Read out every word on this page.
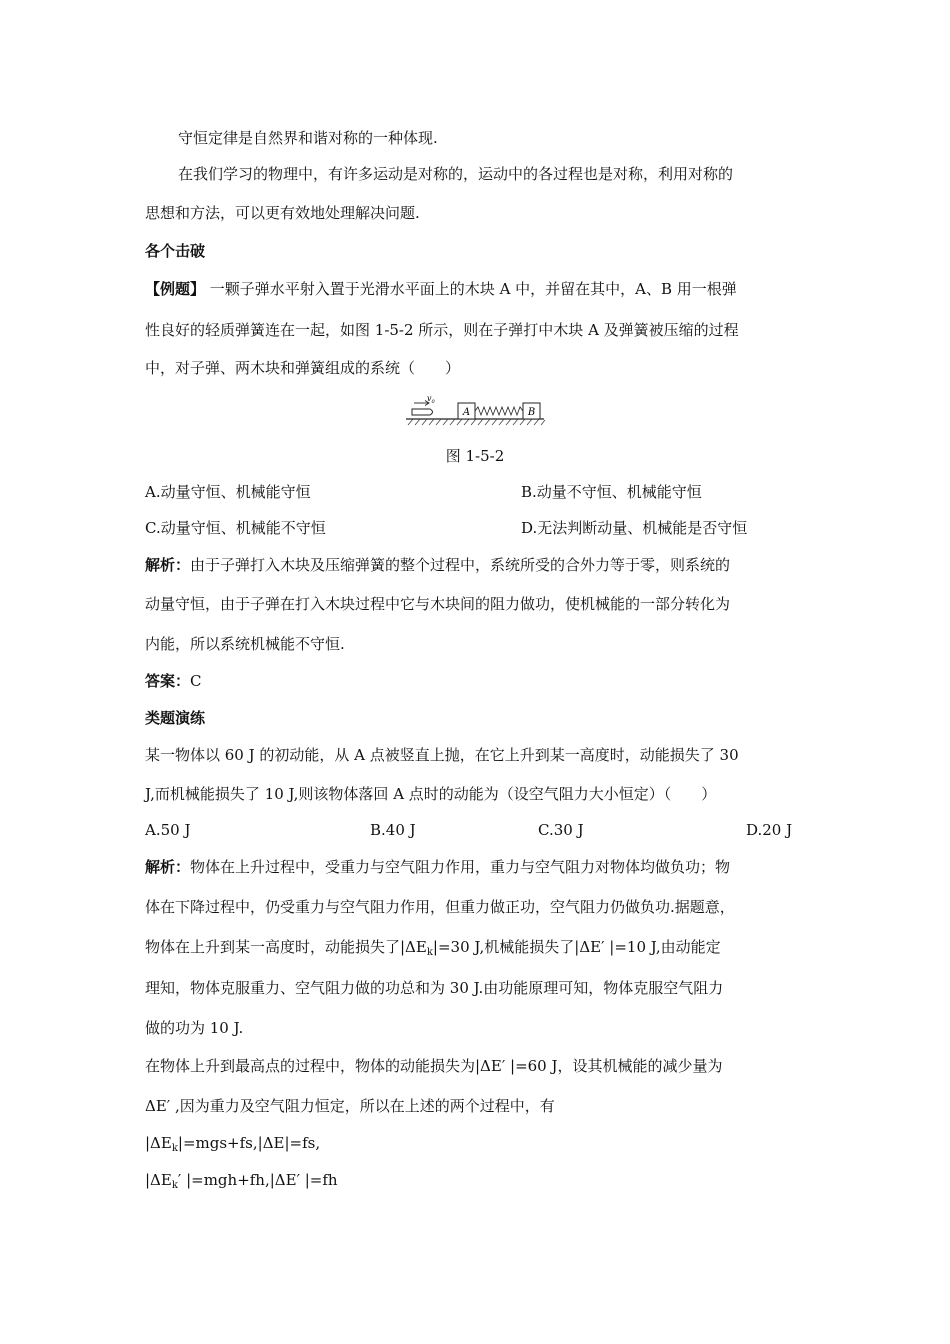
守恒定律是自然界和谐对称的一种体现.
在我们学习的物理中，有许多运动是对称的，运动中的各过程也是对称，利用对称的
思想和方法，可以更有效地处理解决问题.
各个击破
【例题】 一颗子弹水平射入置于光滑水平面上的木块 A 中，并留在其中，A、B 用一根弹
性良好的轻质弹簧连在一起，如图 1-5-2 所示，则在子弹打中木块 A 及弹簧被压缩的过程
中，对子弹、两木块和弹簧组成的系统（　　）
$v_0$
A	B
图 1-5-2
A.动量守恒、机械能守恒	B.动量不守恒、机械能守恒
C.动量守恒、机械能不守恒	D.无法判断动量、机械能是否守恒
解析：由于子弹打入木块及压缩弹簧的整个过程中，系统所受的合外力等于零，则系统的
动量守恒，由于子弹在打入木块过程中它与木块间的阻力做功，使机械能的一部分转化为
内能，所以系统机械能不守恒.
答案：C
类题演练
某一物体以 60 J 的初动能，从 A 点被竖直上抛，在它上升到某一高度时，动能损失了 30
J,而机械能损失了 10 J,则该物体落回 A 点时的动能为（设空气阻力大小恒定）（　　）
A.50 J	B.40 J	C.30 J	D.20 J
解析：物体在上升过程中，受重力与空气阻力作用，重力与空气阻力对物体均做负功；物
体在下降过程中，仍受重力与空气阻力作用，但重力做正功，空气阻力仍做负功.据题意，
物体在上升到某一高度时，动能损失了$|\Delta E_k|=30$ J,机械能损失了|ΔE′ |=10 J,由动能定
理知，物体克服重力、空气阻力做的功总和为 30 J.由功能原理可知，物体克服空气阻力
做的功为 10 J.
在物体上升到最高点的过程中，物体的动能损失为|ΔE′ |=60 J，设其机械能的减少量为
ΔE′ ,因为重力及空气阻力恒定，所以在上述的两个过程中，有
$|\Delta E_k|=mgs+fs,|\Delta E|=fs$,
$|\Delta E_k'$ |=mgh+fh,|ΔE′ |=fh
